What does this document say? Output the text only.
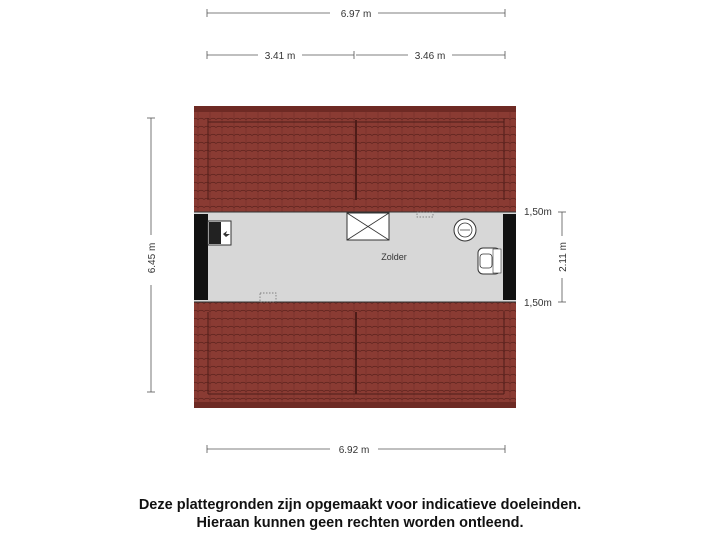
6.97 m
3.41 m	3.46 m
6.45 m	Zolder
1,50m
1,50m
2.11 m
6.92 m
Deze plattegronden zijn opgemaakt voor indicatieve doeleinden.
Hieraan kunnen geen rechten worden ontleend.
